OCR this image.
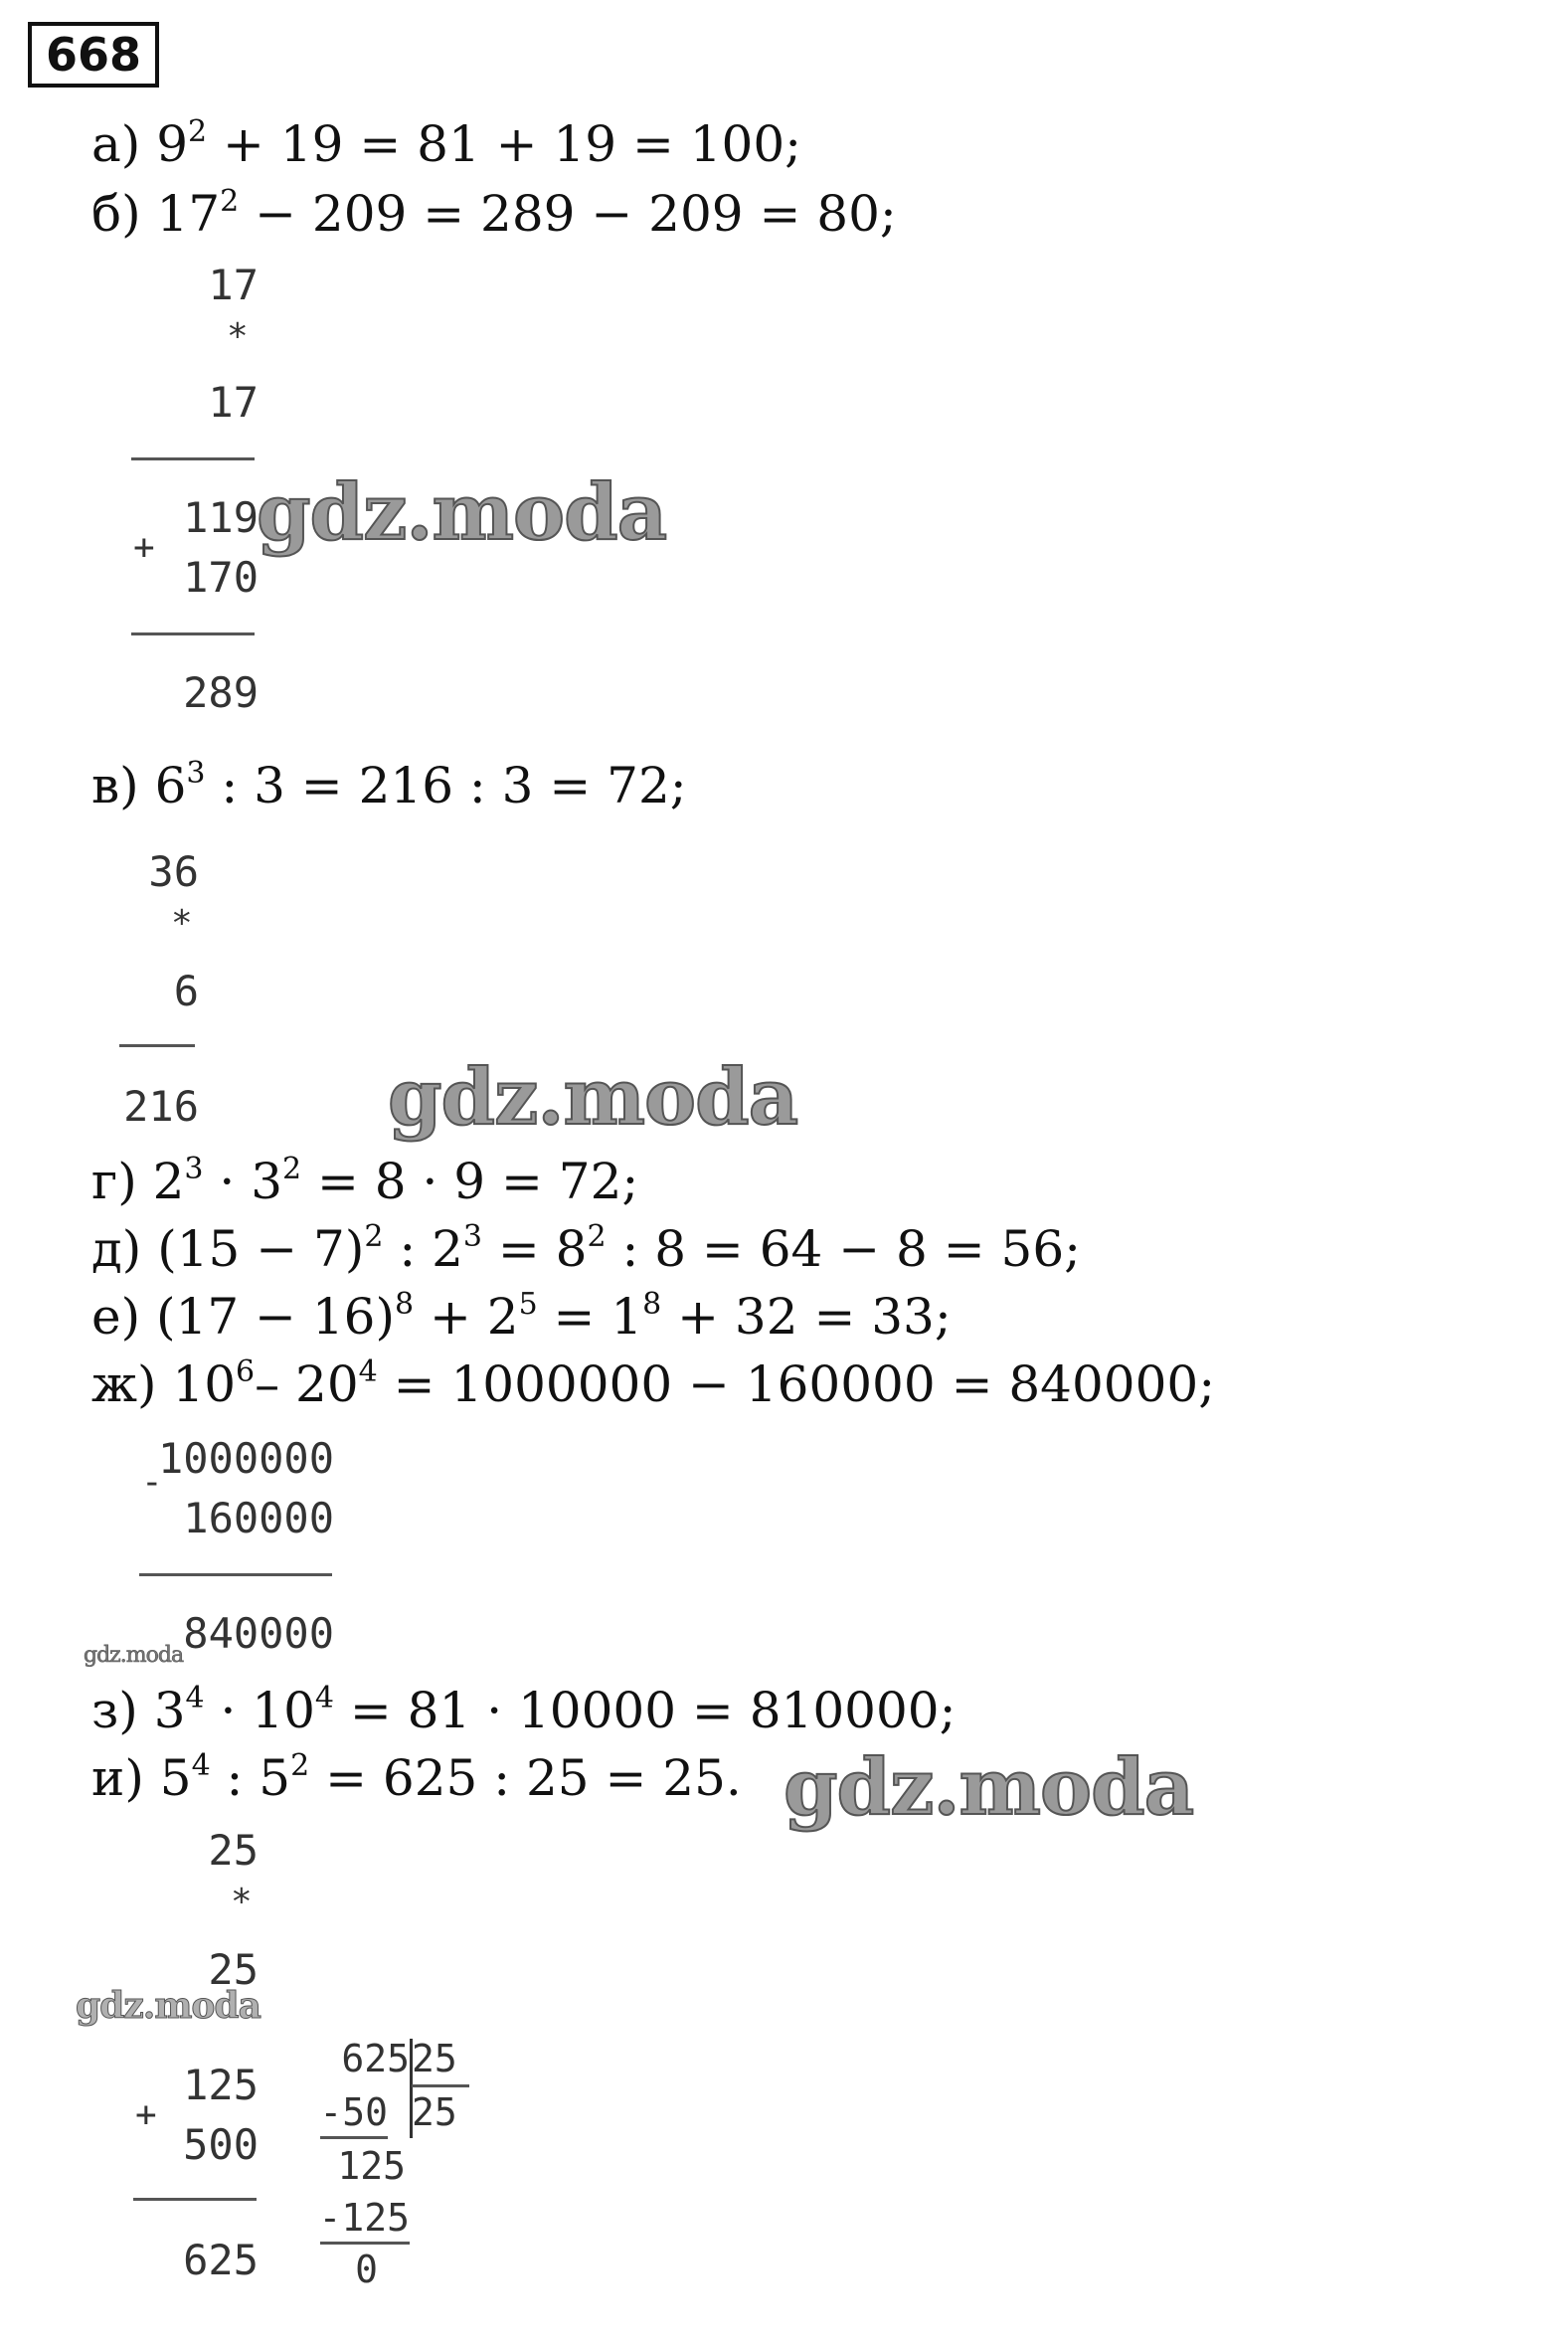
668
а) $9^2 + 19 = 81 + 19 = 100$;
б) $17^2 - 209 = 289 - 209 = 80$;
17
*
17
119
+
170
289
gdz.moda
в) $6^3$ : 3 = 216 : 3 = 72;
36
*
6
216 gdz.moda
г) $2^3 \cdot 3^2 = 8 \cdot 9 = 72$;
д) $(15 - 7)^2$ : $2^3 = 8^2$ : 8 = 64 − 8 = 56;
е) $(17 - 16)^8 + 2^5 = 1^8 + 32 = 33$;
ж) $10^6-$ $20^4 = 1000000 - 160000 = 840000$;
1000000
-
160000
840000
gdz.moda
з) $3^4 \cdot 10^4 = 81 \cdot 10000 = 810000$;
и) $5^4$ : $5^2 = 625$ : 25 = 25. gdz.moda
25
*
25
125
+
500
625
gdz.moda
625 25
25
-50
125
-125
0
